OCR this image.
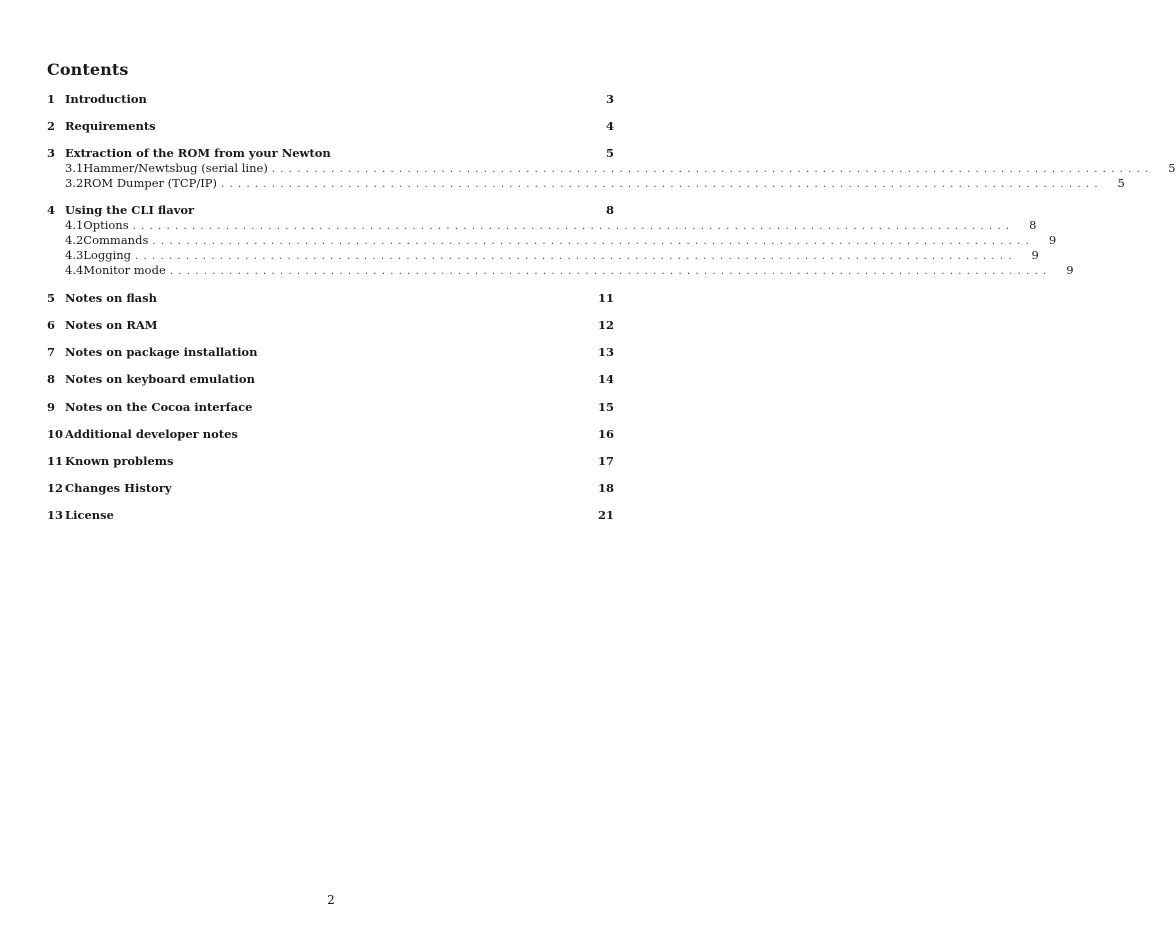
Contents
1 Introduction	3
2 Requirements	4
3 Extraction of the ROM from your Newton	5
3.1 Hammer/Newtsbug (serial line) ........................................................................................................	5
3.2 ROM Dumper (TCP/IP) ........................................................................................................	5
4 Using the CLI flavor	8
4.1 Options ........................................................................................................	8
4.2 Commands ........................................................................................................	9
4.3 Logging ........................................................................................................	9
4.4 Monitor mode ........................................................................................................	9
5 Notes on flash	11
6 Notes on RAM	12
7 Notes on package installation	13
8 Notes on keyboard emulation	14
9 Notes on the Cocoa interface	15
10 Additional developer notes	16
11 Known problems	17
12 Changes History	18
13 License	21
2
